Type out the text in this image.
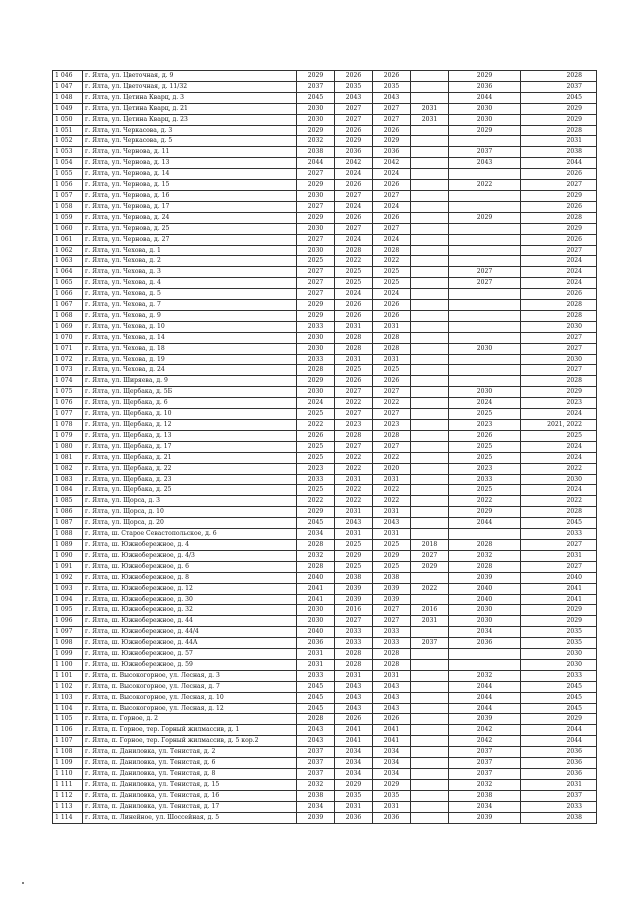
1 046	г. Ялта, ул. Цветочная, д. 9	2029	2026	2026		2029	2028
1 047	г. Ялта, ул. Цветочная, д. 11/32	2037	2035	2035		2036	2037
1 048	г. Ялта, ул. Цетина Кварц, д. 3	2045	2043	2043		2044	2045
1 049	г. Ялта, ул. Цетина Кварц, д. 21	2030	2027	2027	2031	2030	2029
1 050	г. Ялта, ул. Цетина Кварц, д. 23	2030	2027	2027	2031	2030	2029
1 051	г. Ялта, ул. Черкасова, д. 3	2029	2026	2026		2029	2028
1 052	г. Ялта, ул. Черкасова, д. 5	2032	2029	2029			2031
1 053	г. Ялта, ул. Чернова, д. 11	2038	2036	2036		2037	2038
1 054	г. Ялта, ул. Чернова, д. 13	2044	2042	2042		2043	2044
1 055	г. Ялта, ул. Чернова, д. 14	2027	2024	2024			2026
1 056	г. Ялта, ул. Чернова, д. 15	2029	2026	2026		2022	2027
1 057	г. Ялта, ул. Чернова, д. 16	2030	2027	2027			2029
1 058	г. Ялта, ул. Чернова, д. 17	2027	2024	2024			2026
1 059	г. Ялта, ул. Чернова, д. 24	2029	2026	2026		2029	2028
1 060	г. Ялта, ул. Чернова, д. 25	2030	2027	2027			2029
1 061	г. Ялта, ул. Чернова, д. 27	2027	2024	2024			2026
1 062	г. Ялта, ул. Чехова, д. 1	2030	2028	2028			2027
1 063	г. Ялта, ул. Чехова, д. 2	2025	2022	2022			2024
1 064	г. Ялта, ул. Чехова, д. 3	2027	2025	2025		2027	2024
1 065	г. Ялта, ул. Чехова, д. 4	2027	2025	2025		2027	2024
1 066	г. Ялта, ул. Чехова, д. 5	2027	2024	2024			2026
1 067	г. Ялта, ул. Чехова, д. 7	2029	2026	2026			2028
1 068	г. Ялта, ул. Чехова, д. 9	2029	2026	2026			2028
1 069	г. Ялта, ул. Чехова, д. 10	2033	2031	2031			2030
1 070	г. Ялта, ул. Чехова, д. 14	2030	2028	2028			2027
1 071	г. Ялта, ул. Чехова, д. 18	2030	2028	2028		2030	2027
1 072	г. Ялта, ул. Чехова, д. 19	2033	2031	2031			2030
1 073	г. Ялта, ул. Чехова, д. 24	2028	2025	2025			2027
1 074	г. Ялта, ул. Ширяева, д. 9	2029	2026	2026			2028
1 075	г. Ялта, ул. Щербака, д. 5Б	2030	2027	2027		2030	2029
1 076	г. Ялта, ул. Щербака, д. 6	2024	2022	2022		2024	2023
1 077	г. Ялта, ул. Щербака, д. 10	2025	2027	2027		2025	2024
1 078	г. Ялта, ул. Щербака, д. 12	2022	2023	2023		2023	2021, 2022
1 079	г. Ялта, ул. Щербака, д. 13	2026	2028	2028		2026	2025
1 080	г. Ялта, ул. Щербака, д. 17	2025	2027	2027		2025	2024
1 081	г. Ялта, ул. Щербака, д. 21	2025	2022	2022		2025	2024
1 082	г. Ялта, ул. Щербака, д. 22	2023	2022	2020		2023	2022
1 083	г. Ялта, ул. Щербака, д. 23	2033	2031	2031		2033	2030
1 084	г. Ялта, ул. Щербака, д. 25	2025	2022	2022		2025	2024
1 085	г. Ялта, ул. Щорса, д. 3	2022	2022	2022		2022	2022
1 086	г. Ялта, ул. Щорса, д. 10	2029	2031	2031		2029	2028
1 087	г. Ялта, ул. Щорса, д. 20	2045	2043	2043		2044	2045
1 088	г. Ялта, ш. Старое Севастопольское, д. 6	2034	2031	2031			2033
1 089	г. Ялта, ш. Южнобережное, д. 4	2028	2025	2025	2018	2028	2027
1 090	г. Ялта, ш. Южнобережное, д. 4/3	2032	2029	2029	2027	2032	2031
1 091	г. Ялта, ш. Южнобережное, д. 6	2028	2025	2025	2029	2028	2027
1 092	г. Ялта, ш. Южнобережное, д. 8	2040	2038	2038		2039	2040
1 093	г. Ялта, ш. Южнобережное, д. 12	2041	2039	2039	2022	2040	2041
1 094	г. Ялта, ш. Южнобережное, д. 30	2041	2039	2039		2040	2041
1 095	г. Ялта, ш. Южнобережное, д. 32	2030	2016	2027	2016	2030	2029
1 096	г. Ялта, ш. Южнобережное, д. 44	2030	2027	2027	2031	2030	2029
1 097	г. Ялта, ш. Южнобережное, д. 44/4	2040	2033	2033		2034	2035
1 098	г. Ялта, ш. Южнобережное, д. 44А	2036	2033	2033	2037	2036	2035
1 099	г. Ялта, ш. Южнобережное, д. 57	2031	2028	2028			2030
1 100	г. Ялта, ш. Южнобережное, д. 59	2031	2028	2028			2030
1 101	г. Ялта, п. Высокогорное, ул. Лесная, д. 3	2033	2031	2031		2032	2033
1 102	г. Ялта, п. Высокогорное, ул. Лесная, д. 7	2045	2043	2043		2044	2045
1 103	г. Ялта, п. Высокогорное, ул. Лесная, д. 10	2045	2043	2043		2044	2045
1 104	г. Ялта, п. Высокогорное, ул. Лесная, д. 12	2045	2043	2043		2044	2045
1 105	г. Ялта, п. Горное, д. 2	2028	2026	2026		2039	2029
1 106	г. Ялта, п. Горное, тер. Горный жилмассив, д. 1	2043	2041	2041		2042	2044
1 107	г. Ялта, п. Горное, тер. Горный жилмассив, д. 5 кор.2	2043	2041	2041		2042	2044
1 108	г. Ялта, п. Даниловка, ул. Тенистая, д. 2	2037	2034	2034		2037	2036
1 109	г. Ялта, п. Даниловка, ул. Тенистая, д. 6	2037	2034	2034		2037	2036
1 110	г. Ялта, п. Даниловка, ул. Тенистая, д. 8	2037	2034	2034		2037	2036
1 111	г. Ялта, п. Даниловка, ул. Тенистая, д. 15	2032	2029	2029		2032	2031
1 112	г. Ялта, п. Даниловка, ул. Тенистая, д. 16	2038	2035	2035		2038	2037
1 113	г. Ялта, п. Даниловка, ул. Тенистая, д. 17	2034	2031	2031		2034	2033
1 114	г. Ялта, п. Линейное, ул. Шоссейная, д. 5	2039	2036	2036		2039	2038
